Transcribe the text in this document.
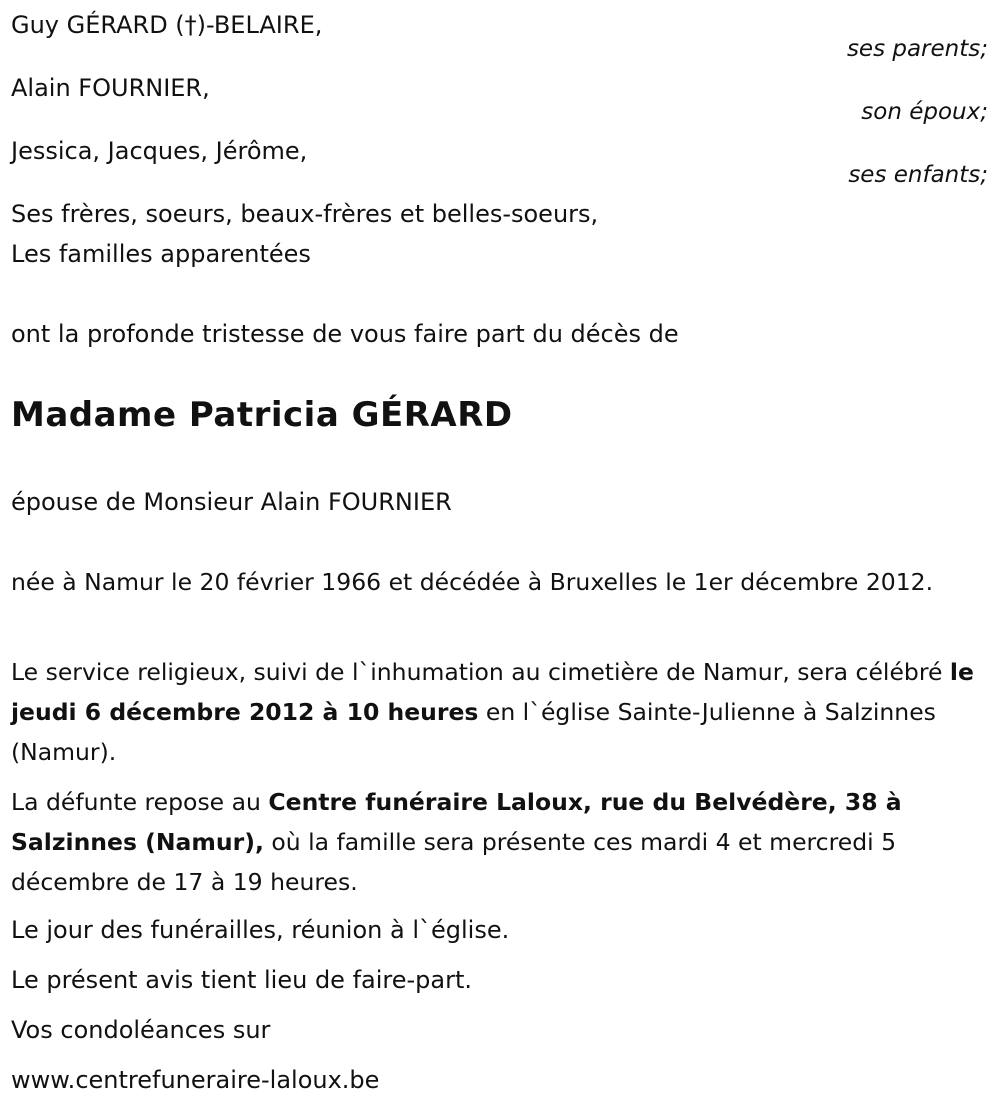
Guy GÉRARD (†)-BELAIRE,
ses parents;
Alain FOURNIER,
son époux;
Jessica, Jacques, Jérôme,
ses enfants;
Ses frères, soeurs, beaux-frères et belles-soeurs,
Les familles apparentées
ont la profonde tristesse de vous faire part du décès de
Madame Patricia GÉRARD
épouse de Monsieur Alain FOURNIER
née à Namur le 20 février 1966 et décédée à Bruxelles le 1er décembre 2012.
Le service religieux, suivi de l`inhumation au cimetière de Namur, sera célébré le jeudi 6 décembre 2012 à 10 heures en l`église Sainte-Julienne à Salzinnes (Namur).
La défunte repose au Centre funéraire Laloux, rue du Belvédère, 38 à Salzinnes (Namur), où la famille sera présente ces mardi 4 et mercredi 5 décembre de 17 à 19 heures.
Le jour des funérailles, réunion à l`église.
Le présent avis tient lieu de faire-part.
Vos condoléances sur
www.centrefuneraire-laloux.be
